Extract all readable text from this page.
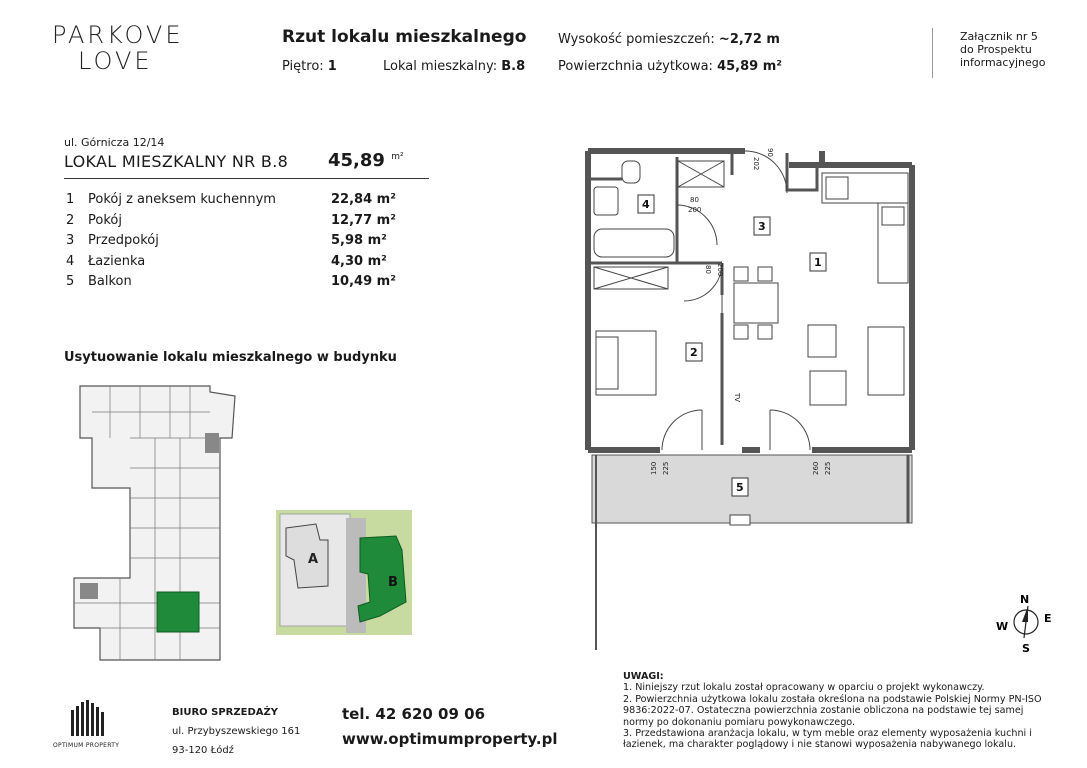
PARKOVE
LOVE
Rzut lokalu mieszkalnego
Piętro: 1	Lokal mieszkalny: B.8
Wysokość pomieszczeń: ~2,72 m
Powierzchnia użytkowa: 45,89 m²
Załącznik nr 5
do Prospektu
informacyjnego
ul. Górnicza 12/14
LOKAL MIESZKALNY NR B.8 45,89 $^{m^2}$
1 Pokój z aneksem kuchennym	22,84 m²
2 Pokój	12,77 m²
3 Przedpokój	5,98 m²
4 Łazienka	4,30 m²
5 Balkon	10,49 m²
Usytuowanie lokalu mieszkalnego w budynku
A
B
4
3
1
2
5
90
202
80
200
80 200
TV
150 225	260 225
N
E
S
W
OPTIMUM PROPERTY
BIURO SPRZEDAŻY
ul. Przybyszewskiego 161
93-120 Łódź
tel. 42 620 09 06
www.optimumproperty.pl
UWAGI:
1. Niniejszy rzut lokalu został opracowany w oparciu o projekt wykonawczy.
2. Powierzchnia użytkowa lokalu została określona na podstawie Polskiej Normy PN-ISO 9836:2022-07. Ostateczna powierzchnia zostanie obliczona na podstawie tej samej normy po dokonaniu pomiaru powykonawczego.
3. Przedstawiona aranżacja lokalu, w tym meble oraz elementy wyposażenia kuchni i łazienek, ma charakter poglądowy i nie stanowi wyposażenia nabywanego lokalu.
